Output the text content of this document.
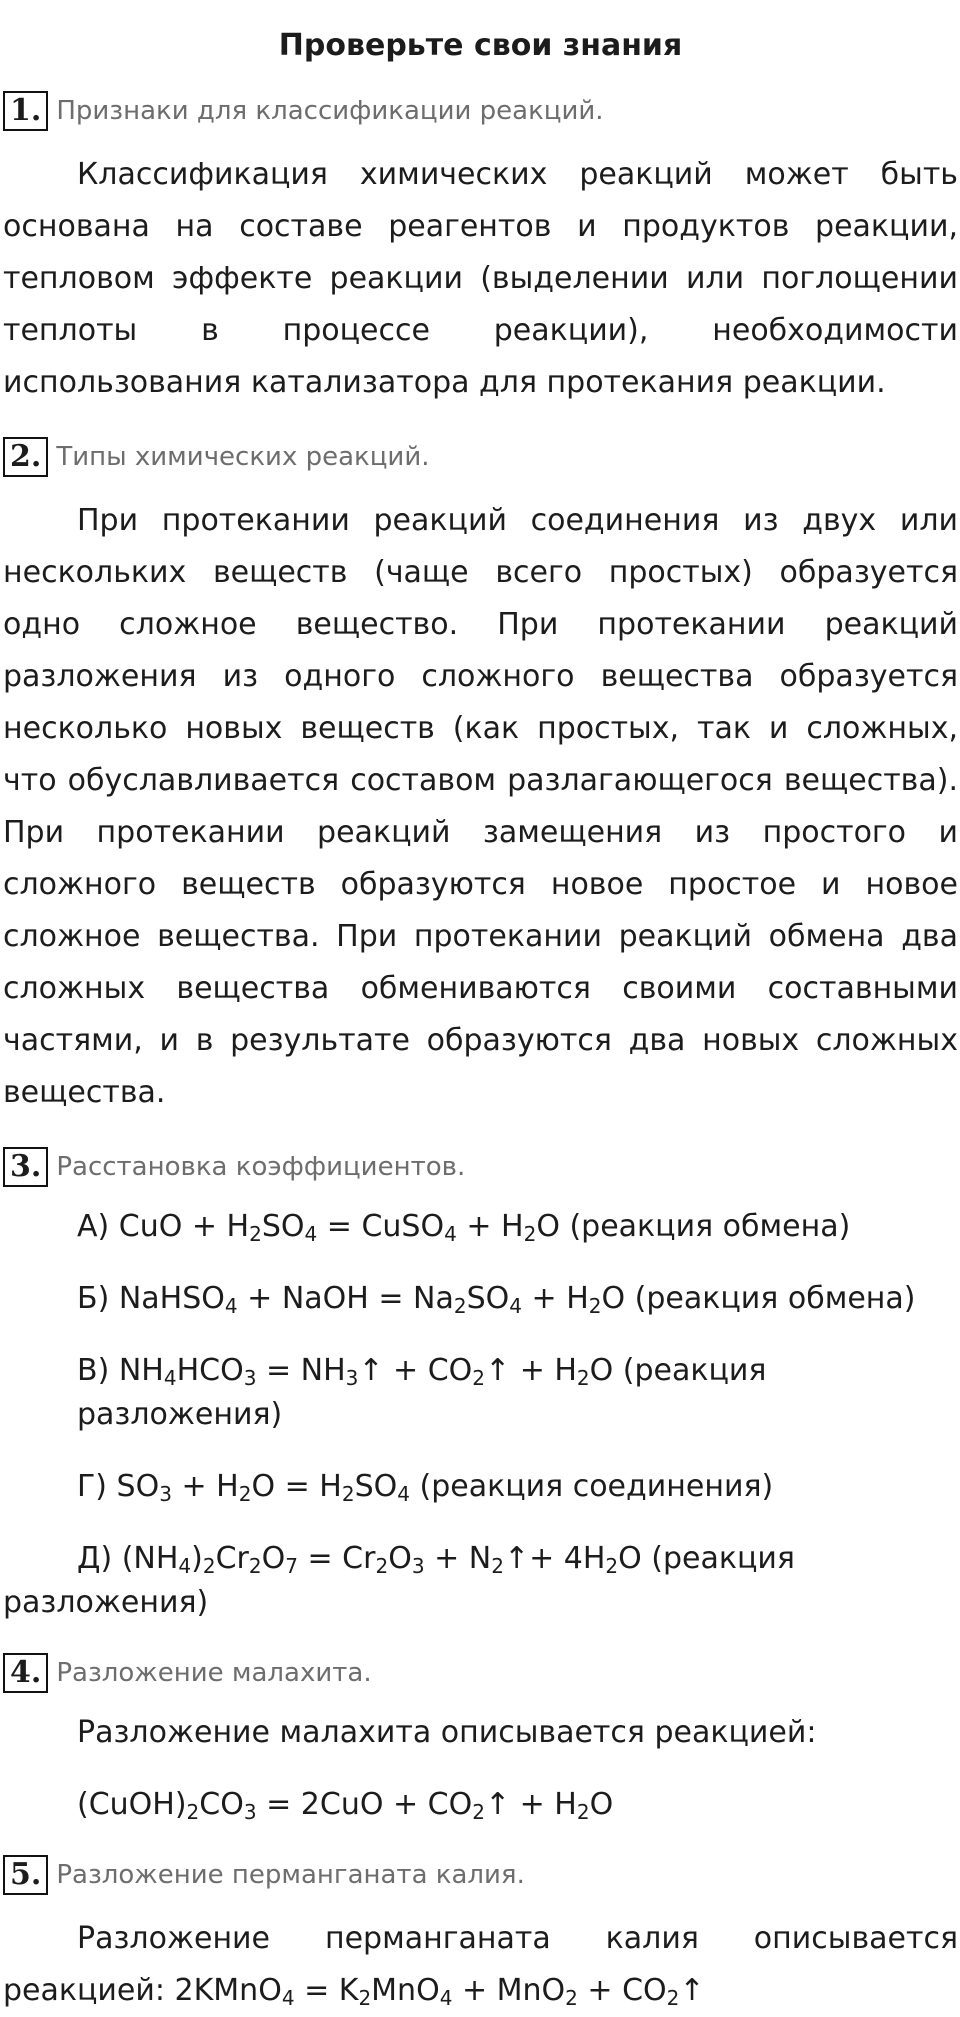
Проверьте свои знания
1. Признаки для классификации реакций.

Классификация химических реакций может быть основана на составе реагентов и продуктов реакции, тепловом эффекте реакции (выделении или поглощении теплоты в процессе реакции), необходимости использования катализатора для протекания реакции.

2. Типы химических реакций.

При протекании реакций соединения из двух или нескольких веществ (чаще всего простых) образуется одно сложное вещество. При протекании реакций разложения из одного сложного вещества образуется несколько новых веществ (как простых, так и сложных, что обуславливается составом разлагающегося вещества). При протекании реакций замещения из простого и сложного веществ образуются новое простое и новое сложное вещества. При протекании реакций обмена два сложных вещества обмениваются своими составными частями, и в результате образуются два новых сложных вещества.

3. Расстановка коэффициентов.
А) CuO + $H_2SO_4$ = CuSO$_4$ + $H_2O$ (реакция обмена)
Б) NaHSO$_4$ + NaOH = $Na_2SO_4 + H_2O$ (реакция обмена)
В) $NH_4HCO_3$ = $NH_3↑$ + $CO_2↑ + H_2O$ (реакция разложения)
Г) $SO_3 + H_2O = H_2SO_4$ (реакция соединения)
Д) $(NH_4)_2Cr_2O_7 = Cr_2O_3$ + $N_2↑+ 4H_2O$ (реакция разложения)
4. Разложение малахита.
Разложение малахита описывается реакцией:
$(CuOH)_2CO_3 = 2CuO$ + $CO_2↑ + H_2O$
5. Разложение перманганата калия.

Разложение перманганата калия описывается реакцией: 2KMnO$_4$ = $K_2MnO_4 + MnO_2$ + $CO_2↑$
